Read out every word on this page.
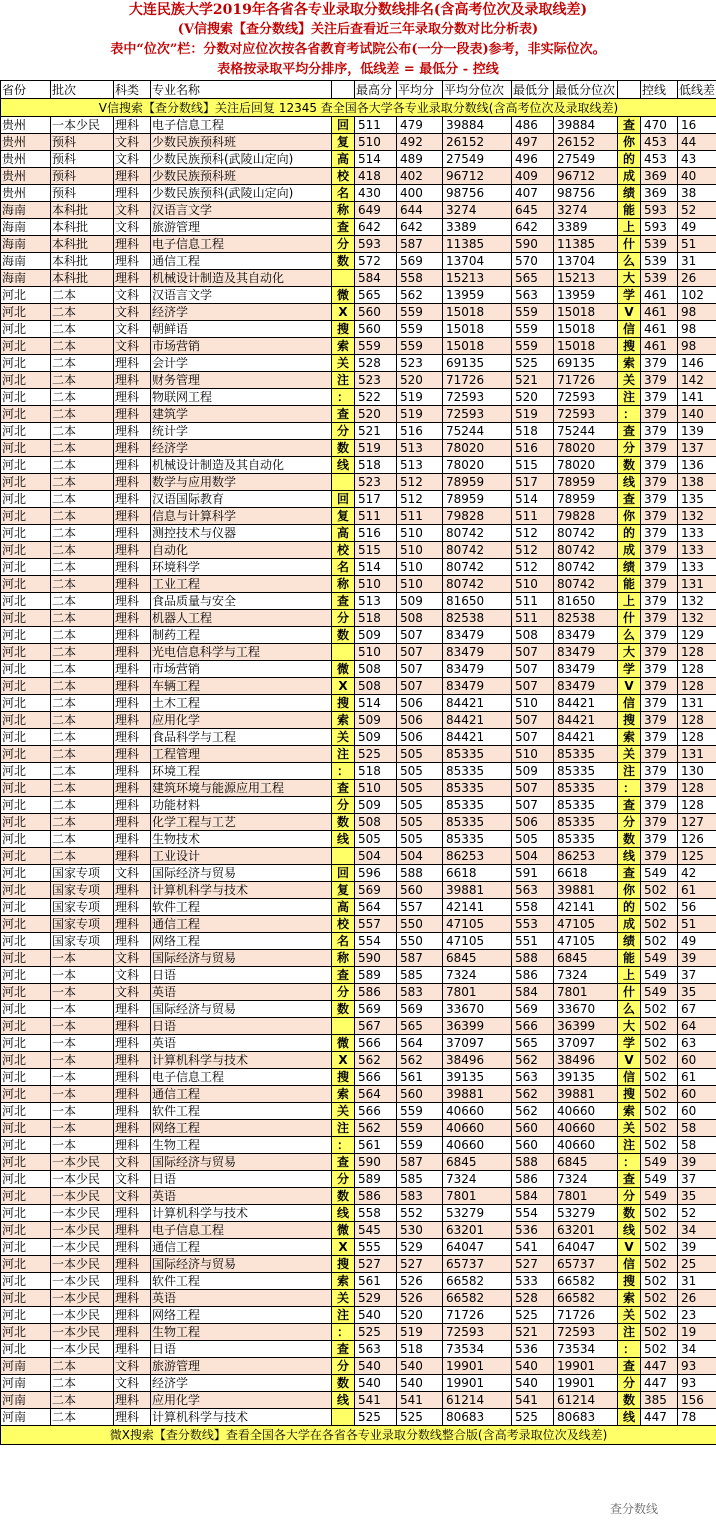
大连民族大学2019年各省各专业录取分数线排名(含高考位次及录取线差)
(V信搜索【查分数线】关注后查看近三年录取分数对比分析表)
表中“位次”栏：分数对应位次按各省教育考试院公布(一分一段表)参考，非实际位次。
表格按录取平均分排序，低线差 = 最低分 - 控线
省份	批次	科类	专业名称		最高分	平均分	平均分位次	最低分	最低分位次		控线	低线差
V信搜索【查分数线】关注后回复 12345 查全国各大学各专业录取分数线(含高考位次及录取线差)												
贵州	一本少民	理科	电子信息工程	回	511	479	39884	486	39884	查	470	16
贵州	预科	文科	少数民族预科班	复	510	492	26152	497	26152	你	453	44
贵州	预科	文科	少数民族预科(武陵山定向)	高	514	489	27549	496	27549	的	453	43
贵州	预科	理科	少数民族预科班	校	418	402	96712	409	96712	成	369	40
贵州	预科	理科	少数民族预科(武陵山定向)	名	430	400	98756	407	98756	绩	369	38
海南	本科批	文科	汉语言文学	称	649	644	3274	645	3274	能	593	52
海南	本科批	文科	旅游管理	查	642	642	3389	642	3389	上	593	49
海南	本科批	理科	电子信息工程	分	593	587	11385	590	11385	什	539	51
海南	本科批	理科	通信工程	数	572	569	13704	570	13704	么	539	31
海南	本科批	理科	机械设计制造及其自动化		584	558	15213	565	15213	大	539	26
河北	二本	文科	汉语言文学	微	565	562	13959	563	13959	学	461	102
河北	二本	文科	经济学	X	560	559	15018	559	15018	V	461	98
河北	二本	文科	朝鲜语	搜	560	559	15018	559	15018	信	461	98
河北	二本	文科	市场营销	索	559	559	15018	559	15018	搜	461	98
河北	二本	理科	会计学	关	528	523	69135	525	69135	索	379	146
河北	二本	理科	财务管理	注	523	520	71726	521	71726	关	379	142
河北	二本	理科	物联网工程	：	522	519	72593	520	72593	注	379	141
河北	二本	理科	建筑学	查	520	519	72593	519	72593	：	379	140
河北	二本	理科	统计学	分	521	516	75244	518	75244	查	379	139
河北	二本	理科	经济学	数	519	513	78020	516	78020	分	379	137
河北	二本	理科	机械设计制造及其自动化	线	518	513	78020	515	78020	数	379	136
河北	二本	理科	数学与应用数学		523	512	78959	517	78959	线	379	138
河北	二本	理科	汉语国际教育	回	517	512	78959	514	78959	查	379	135
河北	二本	理科	信息与计算科学	复	511	511	79828	511	79828	你	379	132
河北	二本	理科	测控技术与仪器	高	516	510	80742	512	80742	的	379	133
河北	二本	理科	自动化	校	515	510	80742	512	80742	成	379	133
河北	二本	理科	环境科学	名	514	510	80742	512	80742	绩	379	133
河北	二本	理科	工业工程	称	510	510	80742	510	80742	能	379	131
河北	二本	理科	食品质量与安全	查	513	509	81650	511	81650	上	379	132
河北	二本	理科	机器人工程	分	518	508	82538	511	82538	什	379	132
河北	二本	理科	制药工程	数	509	507	83479	508	83479	么	379	129
河北	二本	理科	光电信息科学与工程		510	507	83479	507	83479	大	379	128
河北	二本	理科	市场营销	微	508	507	83479	507	83479	学	379	128
河北	二本	理科	车辆工程	X	508	507	83479	507	83479	V	379	128
河北	二本	理科	土木工程	搜	514	506	84421	510	84421	信	379	131
河北	二本	理科	应用化学	索	509	506	84421	507	84421	搜	379	128
河北	二本	理科	食品科学与工程	关	509	506	84421	507	84421	索	379	128
河北	二本	理科	工程管理	注	525	505	85335	510	85335	关	379	131
河北	二本	理科	环境工程	：	518	505	85335	509	85335	注	379	130
河北	二本	理科	建筑环境与能源应用工程	查	510	505	85335	507	85335	：	379	128
河北	二本	理科	功能材料	分	509	505	85335	507	85335	查	379	128
河北	二本	理科	化学工程与工艺	数	508	505	85335	506	85335	分	379	127
河北	二本	理科	生物技术	线	505	505	85335	505	85335	数	379	126
河北	二本	理科	工业设计		504	504	86253	504	86253	线	379	125
河北	国家专项	文科	国际经济与贸易	回	596	588	6618	591	6618	查	549	42
河北	国家专项	理科	计算机科学与技术	复	569	560	39881	563	39881	你	502	61
河北	国家专项	理科	软件工程	高	564	557	42141	558	42141	的	502	56
河北	国家专项	理科	通信工程	校	557	550	47105	553	47105	成	502	51
河北	国家专项	理科	网络工程	名	554	550	47105	551	47105	绩	502	49
河北	一本	文科	国际经济与贸易	称	590	587	6845	588	6845	能	549	39
河北	一本	文科	日语	查	589	585	7324	586	7324	上	549	37
河北	一本	文科	英语	分	586	583	7801	584	7801	什	549	35
河北	一本	理科	国际经济与贸易	数	569	569	33670	569	33670	么	502	67
河北	一本	理科	日语		567	565	36399	566	36399	大	502	64
河北	一本	理科	英语	微	566	564	37097	565	37097	学	502	63
河北	一本	理科	计算机科学与技术	X	562	562	38496	562	38496	V	502	60
河北	一本	理科	电子信息工程	搜	566	561	39135	563	39135	信	502	61
河北	一本	理科	通信工程	索	564	560	39881	562	39881	搜	502	60
河北	一本	理科	软件工程	关	566	559	40660	562	40660	索	502	60
河北	一本	理科	网络工程	注	562	559	40660	560	40660	关	502	58
河北	一本	理科	生物工程	：	561	559	40660	560	40660	注	502	58
河北	一本少民	文科	国际经济与贸易	查	590	587	6845	588	6845	：	549	39
河北	一本少民	文科	日语	分	589	585	7324	586	7324	查	549	37
河北	一本少民	文科	英语	数	586	583	7801	584	7801	分	549	35
河北	一本少民	理科	计算机科学与技术	线	558	552	53279	554	53279	数	502	52
河北	一本少民	理科	电子信息工程	微	545	530	63201	536	63201	线	502	34
河北	一本少民	理科	通信工程	X	555	529	64047	541	64047	V	502	39
河北	一本少民	理科	国际经济与贸易	搜	527	527	65737	527	65737	信	502	25
河北	一本少民	理科	软件工程	索	561	526	66582	533	66582	搜	502	31
河北	一本少民	理科	英语	关	529	526	66582	528	66582	索	502	26
河北	一本少民	理科	网络工程	注	540	520	71726	525	71726	关	502	23
河北	一本少民	理科	生物工程	：	525	519	72593	521	72593	注	502	19
河北	一本少民	理科	日语	查	563	518	73534	536	73534	：	502	34
河南	二本	文科	旅游管理	分	540	540	19901	540	19901	查	447	93
河南	二本	文科	经济学	数	540	540	19901	540	19901	分	447	93
河南	二本	理科	应用化学	线	541	541	61214	541	61214	数	385	156
河南	二本	理科	计算机科学与技术		525	525	80683	525	80683	线	447	78
微X搜索【查分数线】查看全国各大学在各省各专业录取分数线整合版(含高考录取位次及线差)												
查分数线
